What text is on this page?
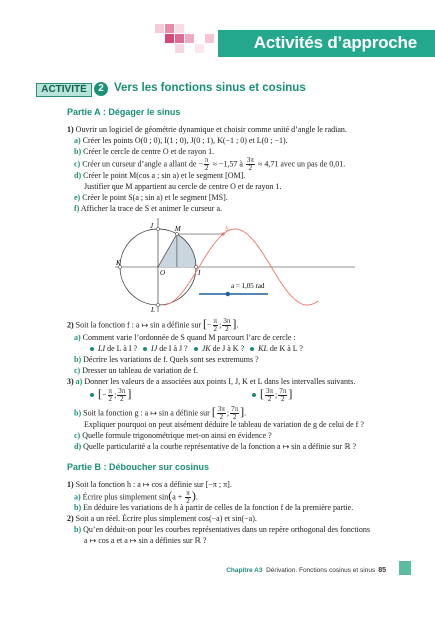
Activités d’approche
ACTIVITÉ	2 Vers les fonctions sinus et cosinus
Partie A : Dégager le sinus
1) Ouvrir un logiciel de géométrie dynamique et choisir comme unité d’angle le radian.
a) Créer les points O(0 ; 0), I(1 ; 0), J(0 ; 1), K(−1 ; 0) et L(0 ; −1).
b) Créer le cercle de centre O et de rayon 1.
c) Créer un curseur d’angle a allant de − $\frac{\pi}{2} \approx -1,57$ à $\frac{3\pi}{2} \approx 4,71$ avec un pas de 0,01.
d) Créer le point M(cos a ; sin a) et le segment [OM].
Justifier que M appartient au cercle de centre O et de rayon 1.
e) Créer le point S(a ; sin a) et le segment [MS].
f) Afficher la trace de S et animer le curseur a.
J	M	S
K
O	I
L
a = 1,05 rad
2) Soit la fonction f : a ↦ sin a définie sur [− $\frac{\pi}{2}$ ; $\frac{3\pi}{2}$ ].
a) Comment varie l’ordonnée de S quand M parcourt l’arc de cercle :
LI de L à I ? IJ de I à J ? JK de J à K ? KL de K à L ?
b) Décrire les variations de f. Quels sont ses extremums ?
c) Dresser un tableau de variation de f.
3) a) Donner les valeurs de a associées aux points I, J, K et L dans les intervalles suivants.
[− $\frac{\pi}{2}$ ; $\frac{3\pi}{2}$ ]	[ $\frac{3\pi}{2}$ ; $\frac{7\pi}{2}$ ]
b) Soit la fonction g : a ↦ sin a définie sur [ $\frac{3\pi}{2}$ ; $\frac{7\pi}{2}$ ].
Expliquer pourquoi on peut aisément déduire le tableau de variation de g de celui de f ?
c) Quelle formule trigonométrique met-on ainsi en évidence ?
d) Quelle particularité a la courbe représentative de la fonction a ↦ sin a définie sur ℝ ?
Partie B : Déboucher sur cosinus
1) Soit la fonction h : a ↦ cos a définie sur [−π ; π].
a) Écrire plus simplement $\sin(a + \frac{\pi}{2}$ ).
b) En déduire les variations de h à partir de celles de la fonction f de la première partie.
2) Soit a un réel. Écrire plus simplement cos(−a) et sin(−a).
b) Qu’en déduit-on pour les courbes représentatives dans un repère orthogonal des fonctions
a ↦ cos a et a ↦ sin a définies sur ℝ ?
Chapitre A3 Dérivation. Fonctions cosinus et sinus 85
